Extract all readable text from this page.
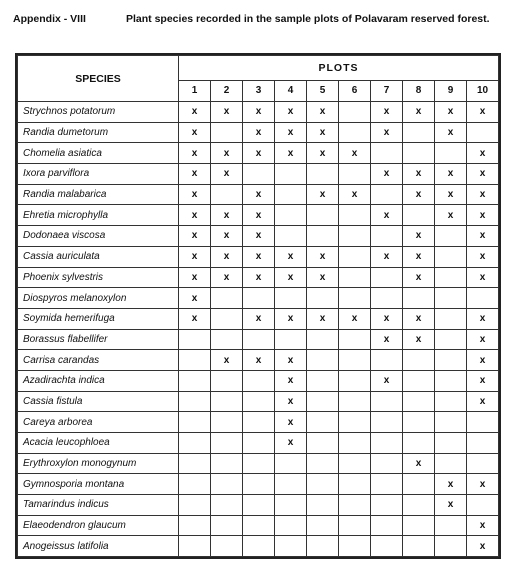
Appendix - VIII	Plant species recorded in the sample plots of Polavaram reserved forest.
SPECIES	PLOTS									
	1	2	3	4	5	6	7	8	9	10
Strychnos potatorum	x	x	x	x	x		x	x	x	x
Randia dumetorum	x		x	x	x		x		x	
Chomelia asiatica	x	x	x	x	x	x				x
Ixora parviflora	x	x					x	x	x	x
Randia malabarica	x		x		x	x		x	x	x
Ehretia microphylla	x	x	x				x		x	x
Dodonaea viscosa	x	x	x					x		x
Cassia auriculata	x	x	x	x	x		x	x		x
Phoenix sylvestris	x	x	x	x	x			x		x
Diospyros melanoxylon	x									
Soymida hemerifuga	x		x	x	x	x	x	x		x
Borassus flabellifer							x	x		x
Carrisa carandas		x	x	x						x
Azadirachta indica				x			x			x
Cassia fistula				x						x
Careya arborea				x						
Acacia leucophloea				x						
Erythroxylon monogynum								x		
Gymnosporia montana									x	x
Tamarindus indicus									x	
Elaeodendron glaucum										x
Anogeissus latifolia										x
